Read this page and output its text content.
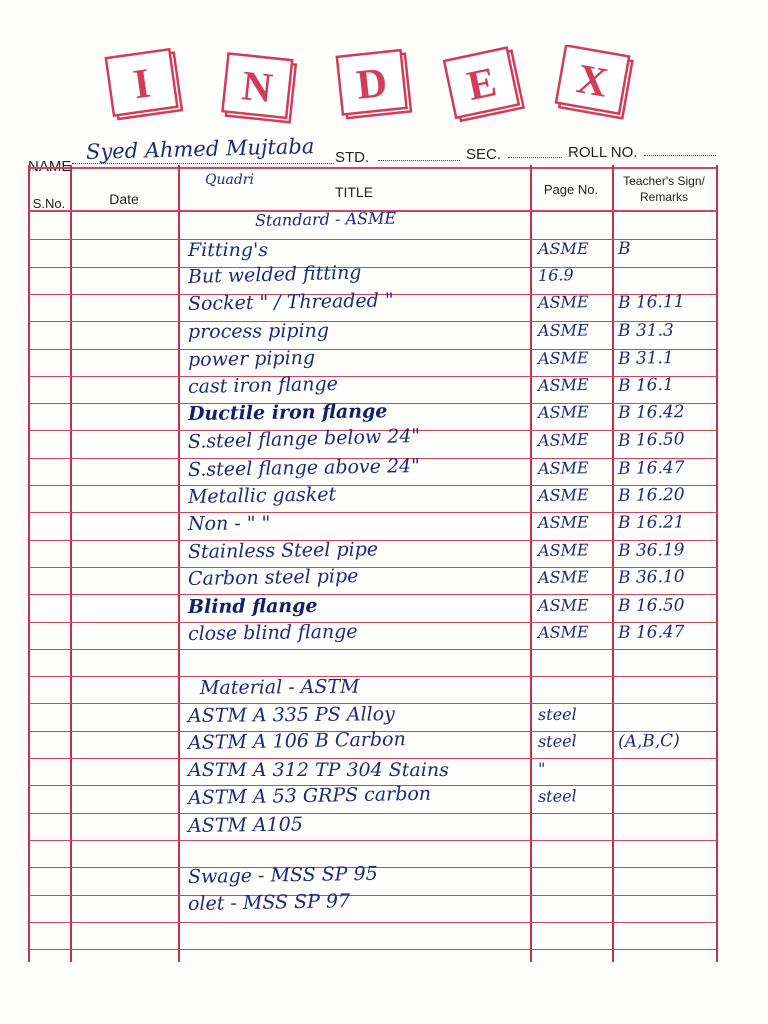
I N D E X
Syed Ahmed Mujtaba STD.	SEC.	ROLL NO.
S.No.	Date	TITLE
Quadri
Page No.
Teacher's Sign/
Remarks
Standard - ASME
Fitting's	ASME B
But welded fitting	16.9
Socket " / Threaded "	ASME B 16.11
process piping	ASME B 31.3
power piping	ASME B 31.1
cast iron flange	ASME B 16.1
Ductile iron flange	ASME B 16.42
S.steel flange below 24"	ASME B 16.50
S.steel flange above 24"	ASME B 16.47
Metallic gasket	ASME B 16.20
Non - " "	ASME B 16.21
Stainless Steel pipe	ASME B 36.19
Carbon steel pipe	ASME B 36.10
Blind flange	ASME B 16.50
close blind flange	ASME B 16.47
Material - ASTM
ASTM A 335 PS Alloy	steel
ASTM A 106 B Carbon	steel (A,B,C)
ASTM A 312 TP 304 Stains	"
ASTM A 53 GRPS carbon	steel
ASTM A105
Swage - MSS SP 95
olet - MSS SP 97
